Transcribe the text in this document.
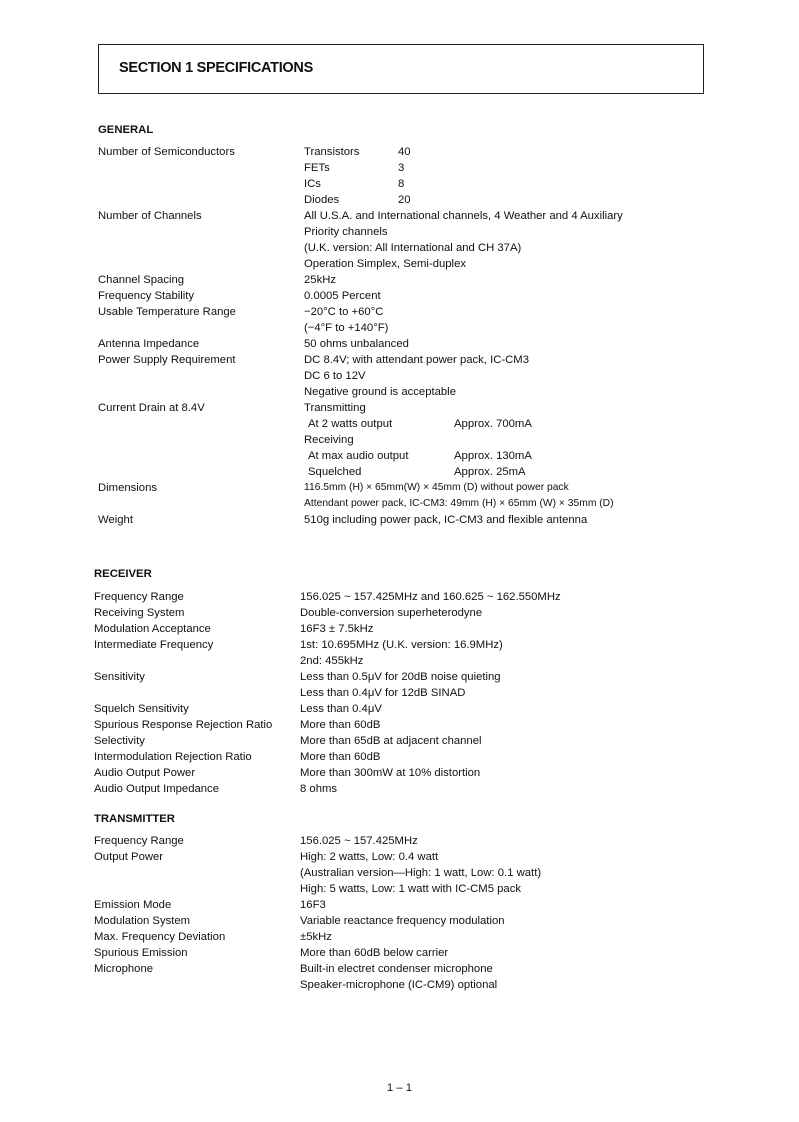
SECTION 1 SPECIFICATIONS
GENERAL
Number of Semiconductors	Transistors	40
FETs	3
ICs	8
Diodes	20
Number of Channels	All U.S.A. and International channels, 4 Weather and 4 Auxiliary
Priority channels
(U.K. version: All International and CH 37A)
Operation Simplex, Semi-duplex
Channel Spacing	25kHz
Frequency Stability	0.0005 Percent
Usable Temperature Range	−20°C to +60°C
(−4°F to +140°F)
Antenna Impedance	50 ohms unbalanced
Power Supply Requirement	DC 8.4V; with attendant power pack, IC-CM3
DC 6 to 12V
Negative ground is acceptable
Current Drain at 8.4V	Transmitting
At 2 watts output	Approx. 700mA
Receiving
At max audio output	Approx. 130mA
Squelched	Approx. 25mA
Dimensions	116.5mm (H) × 65mm(W) × 45mm (D) without power pack
Attendant power pack, IC-CM3: 49mm (H) × 65mm (W) × 35mm (D)
Weight	510g including power pack, IC-CM3 and flexible antenna
RECEIVER
Frequency Range	156.025 ~ 157.425MHz and 160.625 ~ 162.550MHz
Receiving System	Double-conversion superheterodyne
Modulation Acceptance	16F3 ± 7.5kHz
Intermediate Frequency	1st: 10.695MHz (U.K. version: 16.9MHz)
2nd: 455kHz
Sensitivity	Less than 0.5μV for 20dB noise quieting
Less than 0.4μV for 12dB SINAD
Squelch Sensitivity	Less than 0.4μV
Spurious Response Rejection Ratio	More than 60dB
Selectivity	More than 65dB at adjacent channel
Intermodulation Rejection Ratio	More than 60dB
Audio Output Power	More than 300mW at 10% distortion
Audio Output Impedance	8 ohms
TRANSMITTER
Frequency Range	156.025 ~ 157.425MHz
Output Power	High: 2 watts, Low: 0.4 watt
(Australian version—High: 1 watt, Low: 0.1 watt)
High: 5 watts, Low: 1 watt with IC-CM5 pack
Emission Mode	16F3
Modulation System	Variable reactance frequency modulation
Max. Frequency Deviation	±5kHz
Spurious Emission	More than 60dB below carrier
Microphone	Built-in electret condenser microphone
Speaker-microphone (IC-CM9) optional
1 – 1
